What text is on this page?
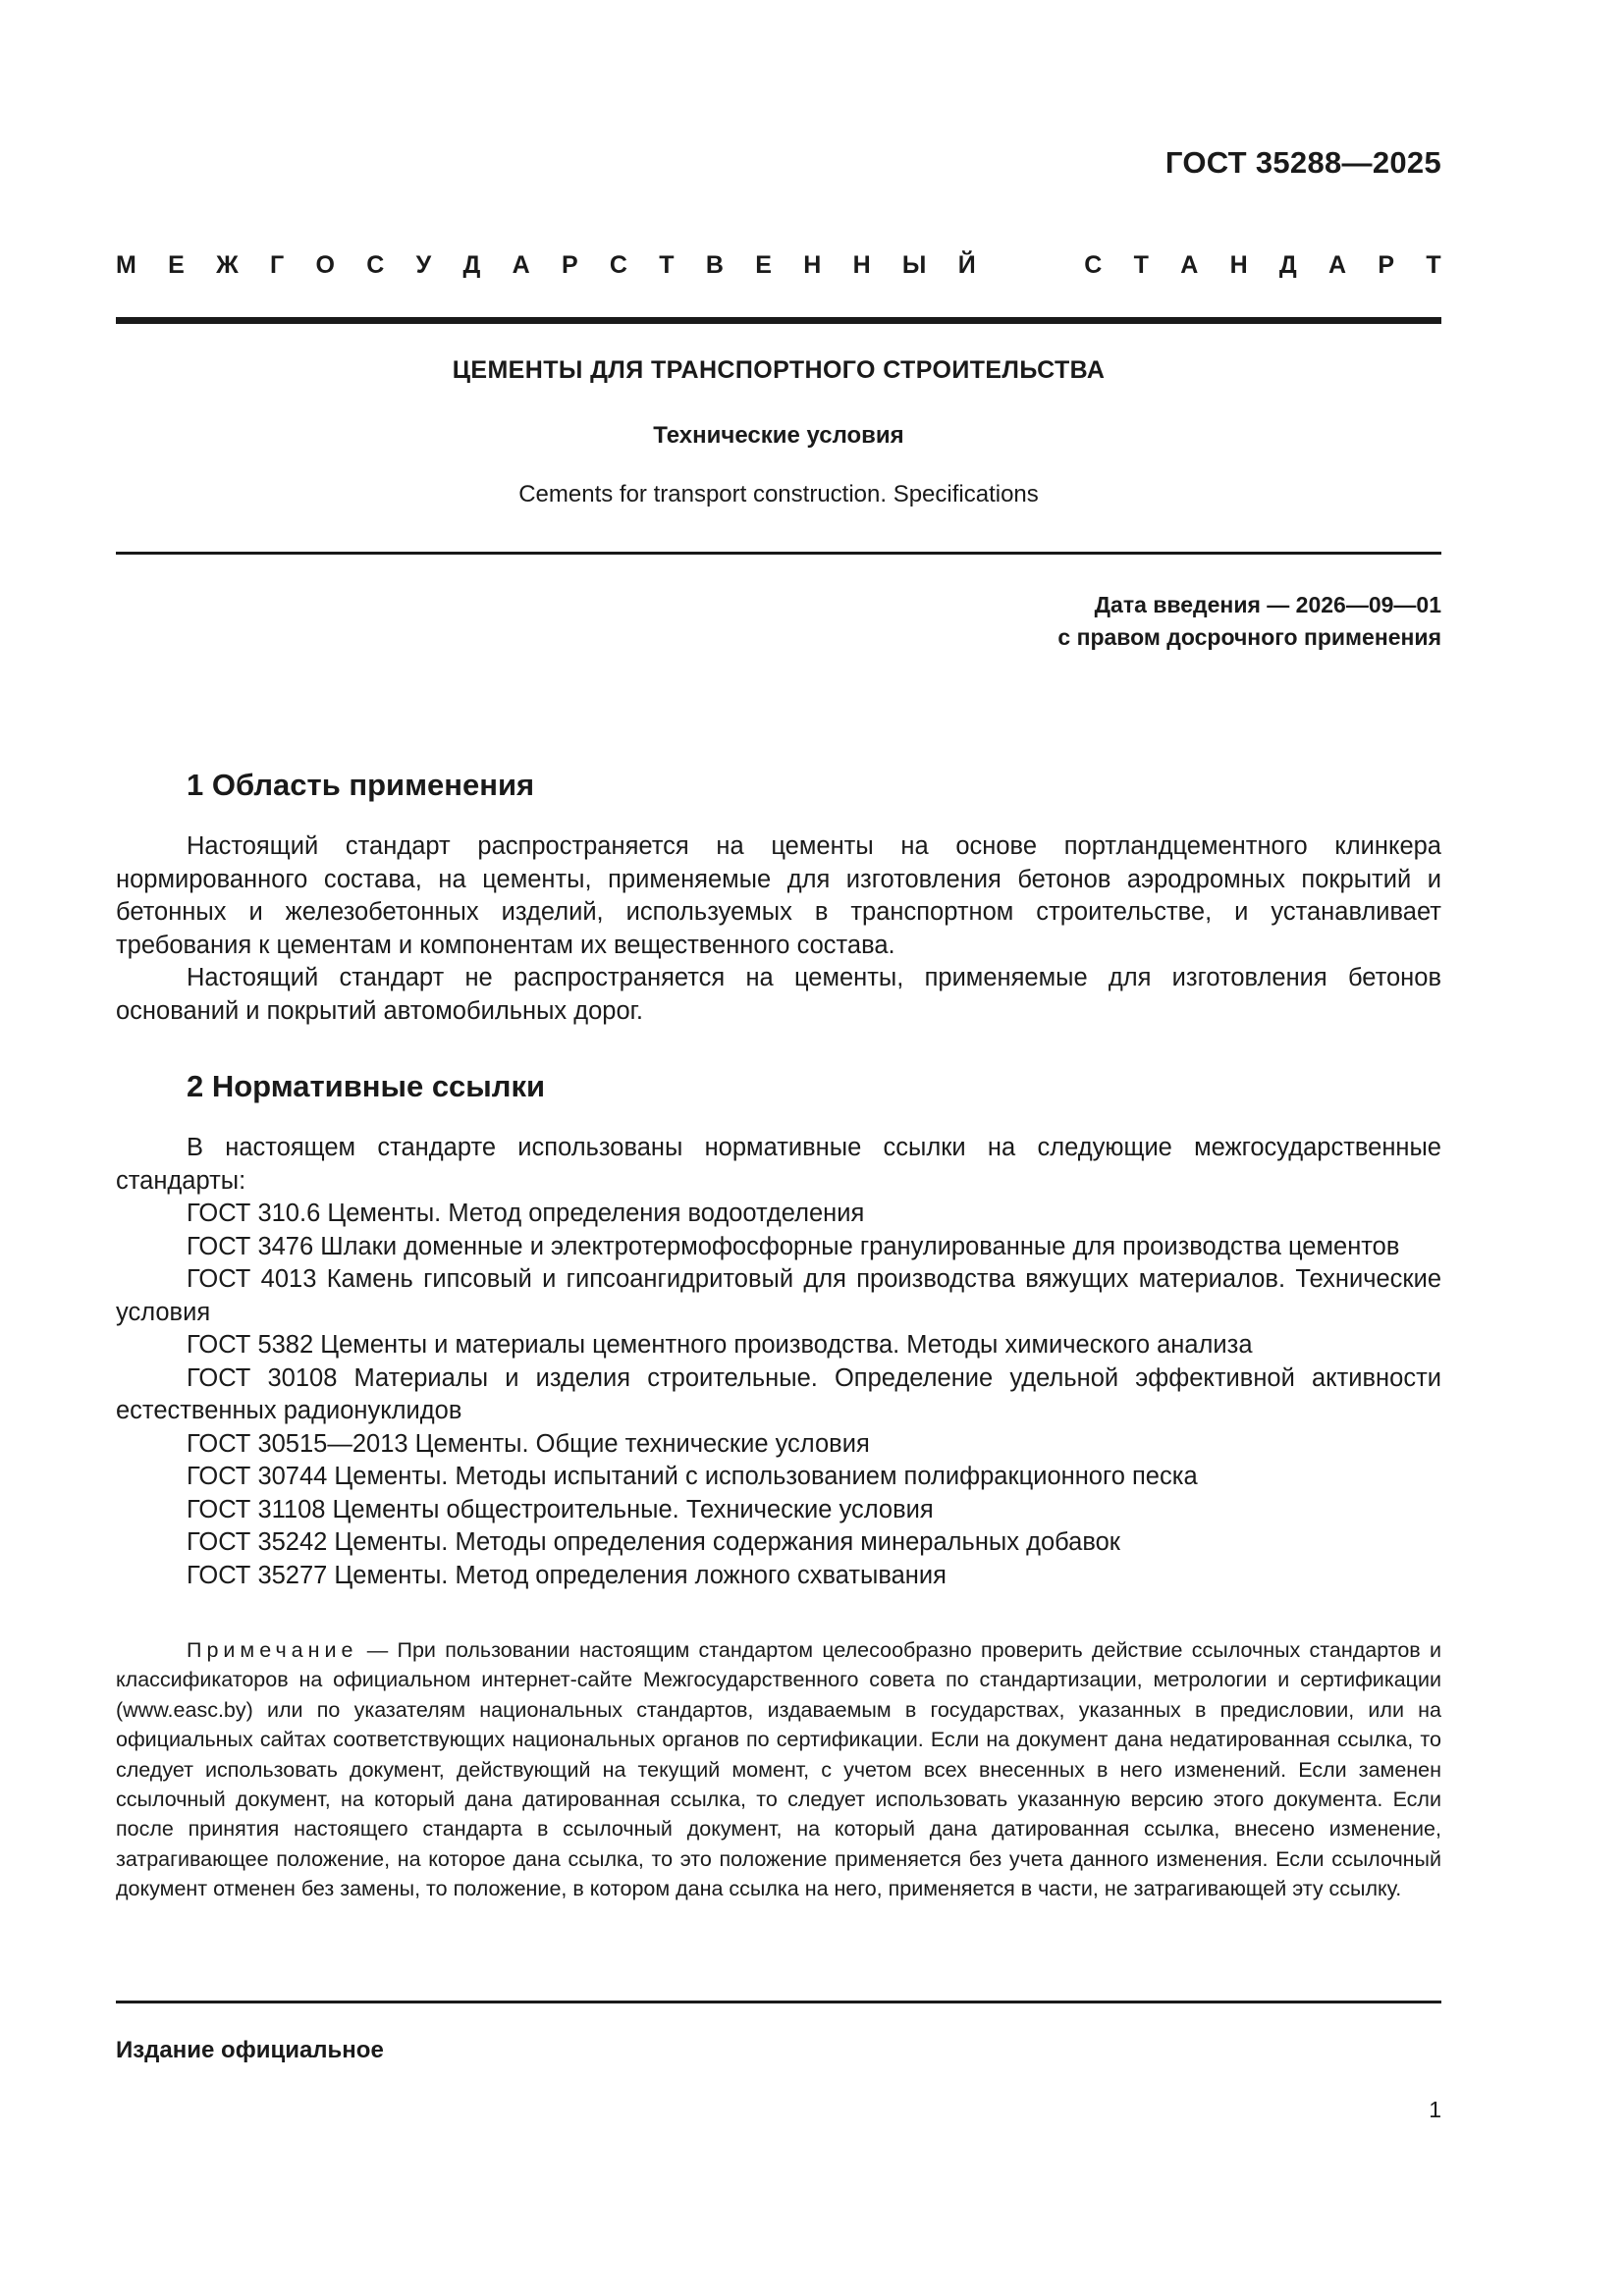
ГОСТ 35288—2025
М Е Ж Г О С У Д А Р С Т В Е Н Н Ы Й	С Т А Н Д А Р Т
ЦЕМЕНТЫ ДЛЯ ТРАНСПОРТНОГО СТРОИТЕЛЬСТВА
Технические условия
Cements for transport construction. Specifications
Дата введения — 2026—09—01
с правом досрочного применения
1 Область применения

Настоящий стандарт распространяется на цементы на основе портландцементного клинкера нормированного состава, на цементы, применяемые для изготовления бетонов аэродромных покрытий и бетонных и железобетонных изделий, используемых в транспортном строительстве, и устанавливает требования к цементам и компонентам их вещественного состава.

Настоящий стандарт не распространяется на цементы, применяемые для изготовления бетонов оснований и покрытий автомобильных дорог.

2 Нормативные ссылки

В настоящем стандарте использованы нормативные ссылки на следующие межгосударственные стандарты:

ГОСТ 310.6 Цементы. Метод определения водоотделения

ГОСТ 3476 Шлаки доменные и электротермофосфорные гранулированные для производства цементов

ГОСТ 4013 Камень гипсовый и гипсоангидритовый для производства вяжущих материалов. Технические условия

ГОСТ 5382 Цементы и материалы цементного производства. Методы химического анализа

ГОСТ 30108 Материалы и изделия строительные. Определение удельной эффективной активности естественных радионуклидов

ГОСТ 30515—2013 Цементы. Общие технические условия

ГОСТ 30744 Цементы. Методы испытаний с использованием полифракционного песка

ГОСТ 31108 Цементы общестроительные. Технические условия

ГОСТ 35242 Цементы. Методы определения содержания минеральных добавок

ГОСТ 35277 Цементы. Метод определения ложного схватывания

Примечание — При пользовании настоящим стандартом целесообразно проверить действие ссылочных стандартов и классификаторов на официальном интернет-сайте Межгосударственного совета по стандартизации, метрологии и сертификации (www.easc.by) или по указателям национальных стандартов, издаваемым в государствах, указанных в предисловии, или на официальных сайтах соответствующих национальных органов по сертификации. Если на документ дана недатированная ссылка, то следует использовать документ, действующий на текущий момент, с учетом всех внесенных в него изменений. Если заменен ссылочный документ, на который дана датированная ссылка, то следует использовать указанную версию этого документа. Если после принятия настоящего стандарта в ссылочный документ, на который дана датированная ссылка, внесено изменение, затрагивающее положение, на которое дана ссылка, то это положение применяется без учета данного изменения. Если ссылочный документ отменен без замены, то положение, в котором дана ссылка на него, применяется в части, не затрагивающей эту ссылку.
Издание официальное
1
